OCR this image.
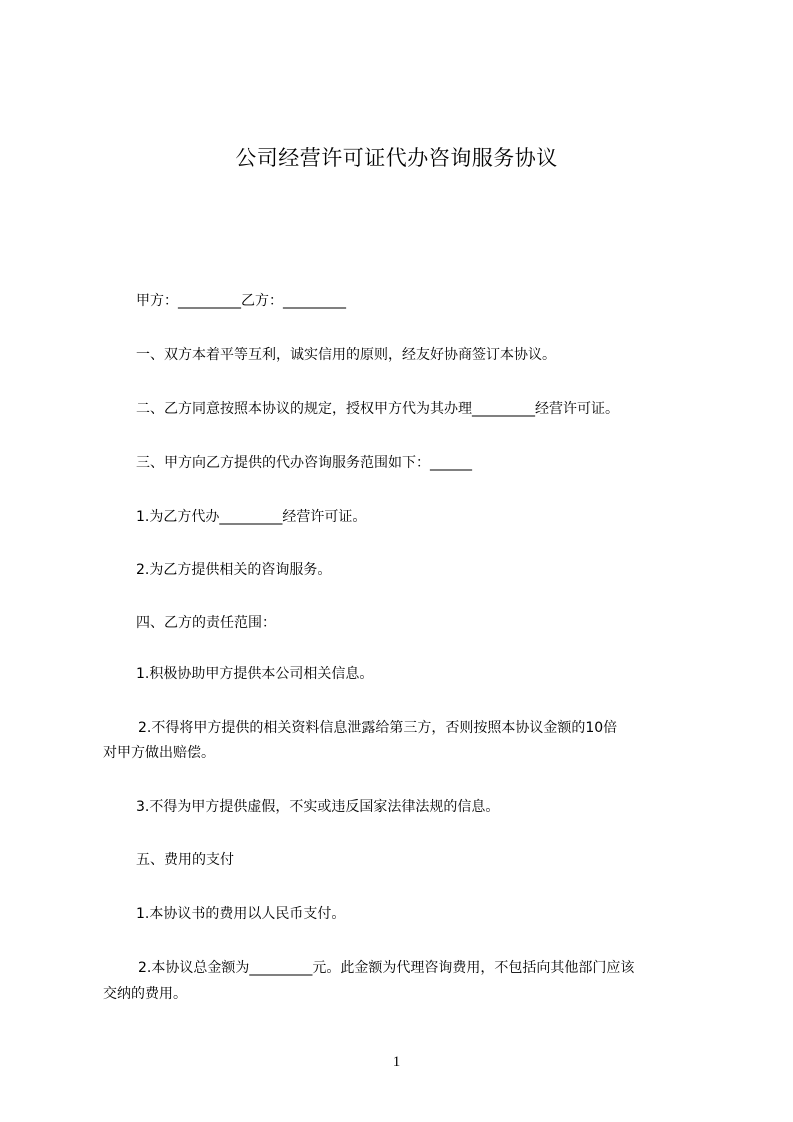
公司经营许可证代办咨询服务协议
甲方：_________乙方：_________
一、双方本着平等互利，诚实信用的原则，经友好协商签订本协议。
二、乙方同意按照本协议的规定，授权甲方代为其办理_________经营许可证。
三、甲方向乙方提供的代办咨询服务范围如下：______
1.为乙方代办_________经营许可证。
2.为乙方提供相关的咨询服务。
四、乙方的责任范围：
1.积极协助甲方提供本公司相关信息。
2.不得将甲方提供的相关资料信息泄露给第三方，否则按照本协议金额的10倍
对甲方做出赔偿。
3.不得为甲方提供虚假，不实或违反国家法律法规的信息。
五、费用的支付
1.本协议书的费用以人民币支付。
2.本协议总金额为_________元。此金额为代理咨询费用，不包括向其他部门应该
交纳的费用。
1
